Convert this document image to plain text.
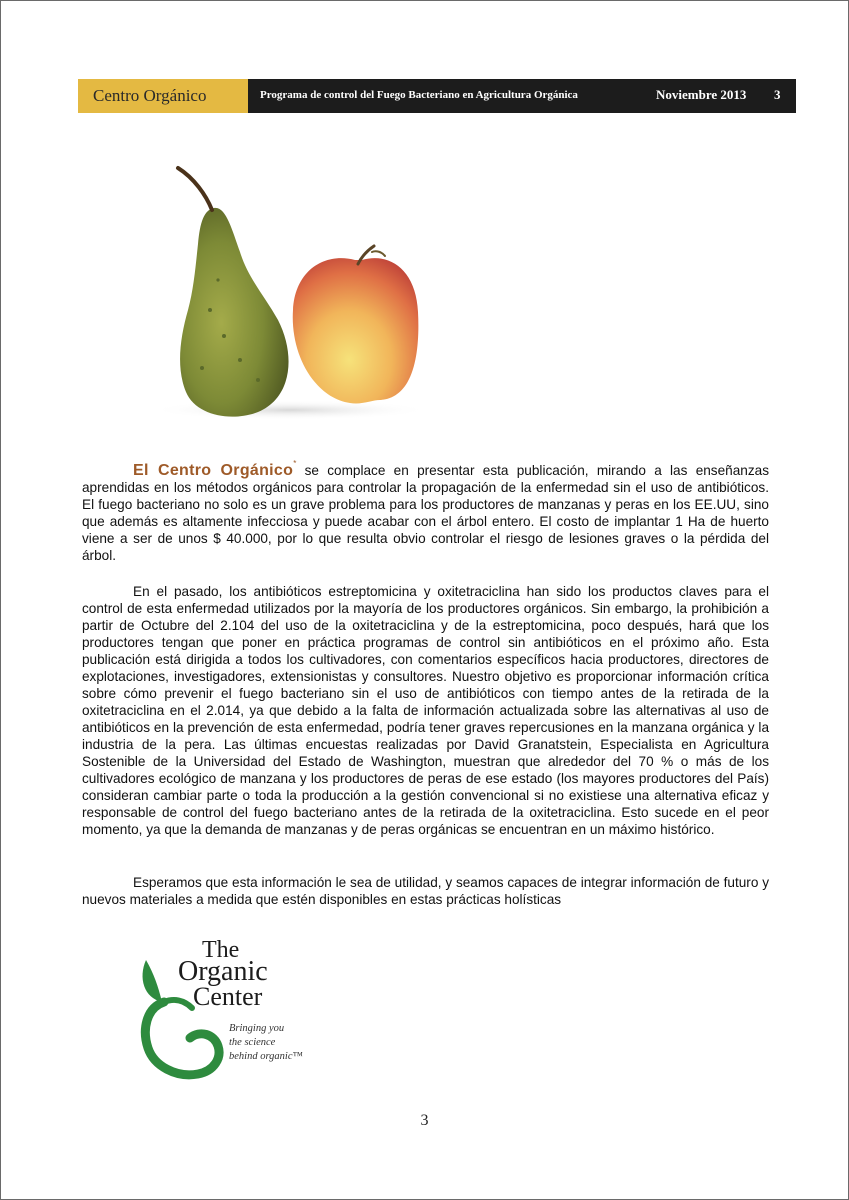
Centro Orgánico	Programa de control del Fuego Bacteriano en Agricultura Orgánica	Noviembre 2013 3

El Centro Orgánico* se complace en presentar esta publicación, mirando a las enseñanzas aprendidas en los métodos orgánicos para controlar la propagación de la enfermedad sin el uso de antibióticos. El fuego bacteriano no solo es un grave problema para los productores de manzanas y peras en los EE.UU, sino que además es altamente infecciosa y puede acabar con el árbol entero. El costo de implantar 1 Ha de huerto viene a ser de unos $ 40.000, por lo que resulta obvio controlar el riesgo de lesiones graves o la pérdida del árbol.

En el pasado, los antibióticos estreptomicina y oxitetraciclina han sido los productos claves para el control de esta enfermedad utilizados por la mayoría de los productores orgánicos. Sin embargo, la prohibición a partir de Octubre del 2.104 del uso de la oxitetraciclina y de la estreptomicina, poco después, hará que los productores tengan que poner en práctica programas de control sin antibióticos en el próximo año. Esta publicación está dirigida a todos los cultivadores, con comentarios específicos hacia productores, directores de explotaciones, investigadores, extensionistas y consultores. Nuestro objetivo es proporcionar información crítica sobre cómo prevenir el fuego bacteriano sin el uso de antibióticos con tiempo antes de la retirada de la oxitetraciclina en el 2.014, ya que debido a la falta de información actualizada sobre las alternativas al uso de antibióticos en la prevención de esta enfermedad, podría tener graves repercusiones en la manzana orgánica y la industria de la pera. Las últimas encuestas realizadas por David Granatstein, Especialista en Agricultura Sostenible de la Universidad del Estado de Washington, muestran que alrededor del 70 % o más de los cultivadores ecológico de manzana y los productores de peras de ese estado (los mayores productores del País) consideran cambiar parte o toda la producción a la gestión convencional si no existiese una alternativa eficaz y responsable de control del fuego bacteriano antes de la retirada de la oxitetraciclina. Esto sucede en el peor momento, ya que la demanda de manzanas y de peras orgánicas se encuentran en un máximo histórico.

Esperamos que esta información le sea de utilidad, y seamos capaces de integrar información de futuro y nuevos materiales a medida que estén disponibles en estas prácticas holísticas

The
Organic
Center
Bringing you
the science
behind organic™
3
